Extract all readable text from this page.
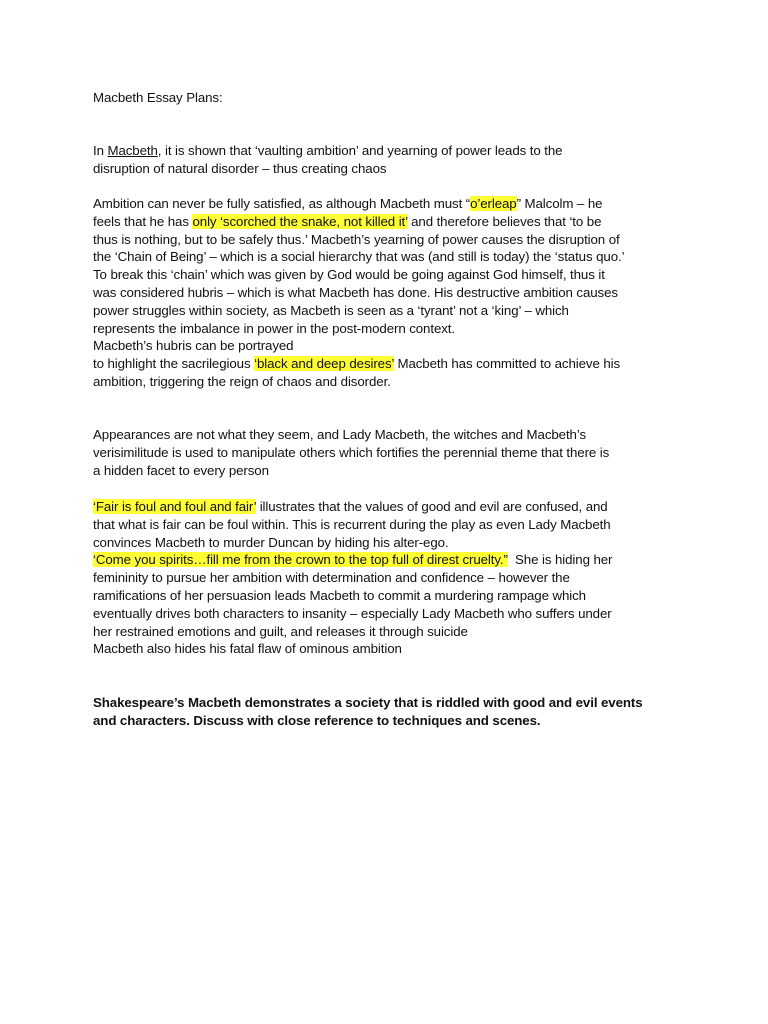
Macbeth Essay Plans:

In Macbeth, it is shown that ‘vaulting ambition’ and yearning of power leads to the
disruption of natural disorder – thus creating chaos

Ambition can never be fully satisfied, as although Macbeth must “o’erleap” Malcolm – he
feels that he has only ‘scorched the snake, not killed it’ and therefore believes that ‘to be
thus is nothing, but to be safely thus.’ Macbeth’s yearning of power causes the disruption of
the ‘Chain of Being’ – which is a social hierarchy that was (and still is today) the ‘status quo.’
To break this ‘chain’ which was given by God would be going against God himself, thus it
was considered hubris – which is what Macbeth has done. His destructive ambition causes
power struggles within society, as Macbeth is seen as a ‘tyrant’ not a ‘king’ – which
represents the imbalance in power in the post-modern context.
Macbeth’s hubris can be portrayed
to highlight the sacrilegious ‘black and deep desires’ Macbeth has committed to achieve his
ambition, triggering the reign of chaos and disorder.

Appearances are not what they seem, and Lady Macbeth, the witches and Macbeth’s
verisimilitude is used to manipulate others which fortifies the perennial theme that there is
a hidden facet to every person

‘Fair is foul and foul and fair’ illustrates that the values of good and evil are confused, and
that what is fair can be foul within. This is recurrent during the play as even Lady Macbeth
convinces Macbeth to murder Duncan by hiding his alter-ego.
‘Come you spirits…fill me from the crown to the top full of direst cruelty.”  She is hiding her
femininity to pursue her ambition with determination and confidence – however the
ramifications of her persuasion leads Macbeth to commit a murdering rampage which
eventually drives both characters to insanity – especially Lady Macbeth who suffers under
her restrained emotions and guilt, and releases it through suicide
Macbeth also hides his fatal flaw of ominous ambition

Shakespeare’s Macbeth demonstrates a society that is riddled with good and evil events
and characters. Discuss with close reference to techniques and scenes.
